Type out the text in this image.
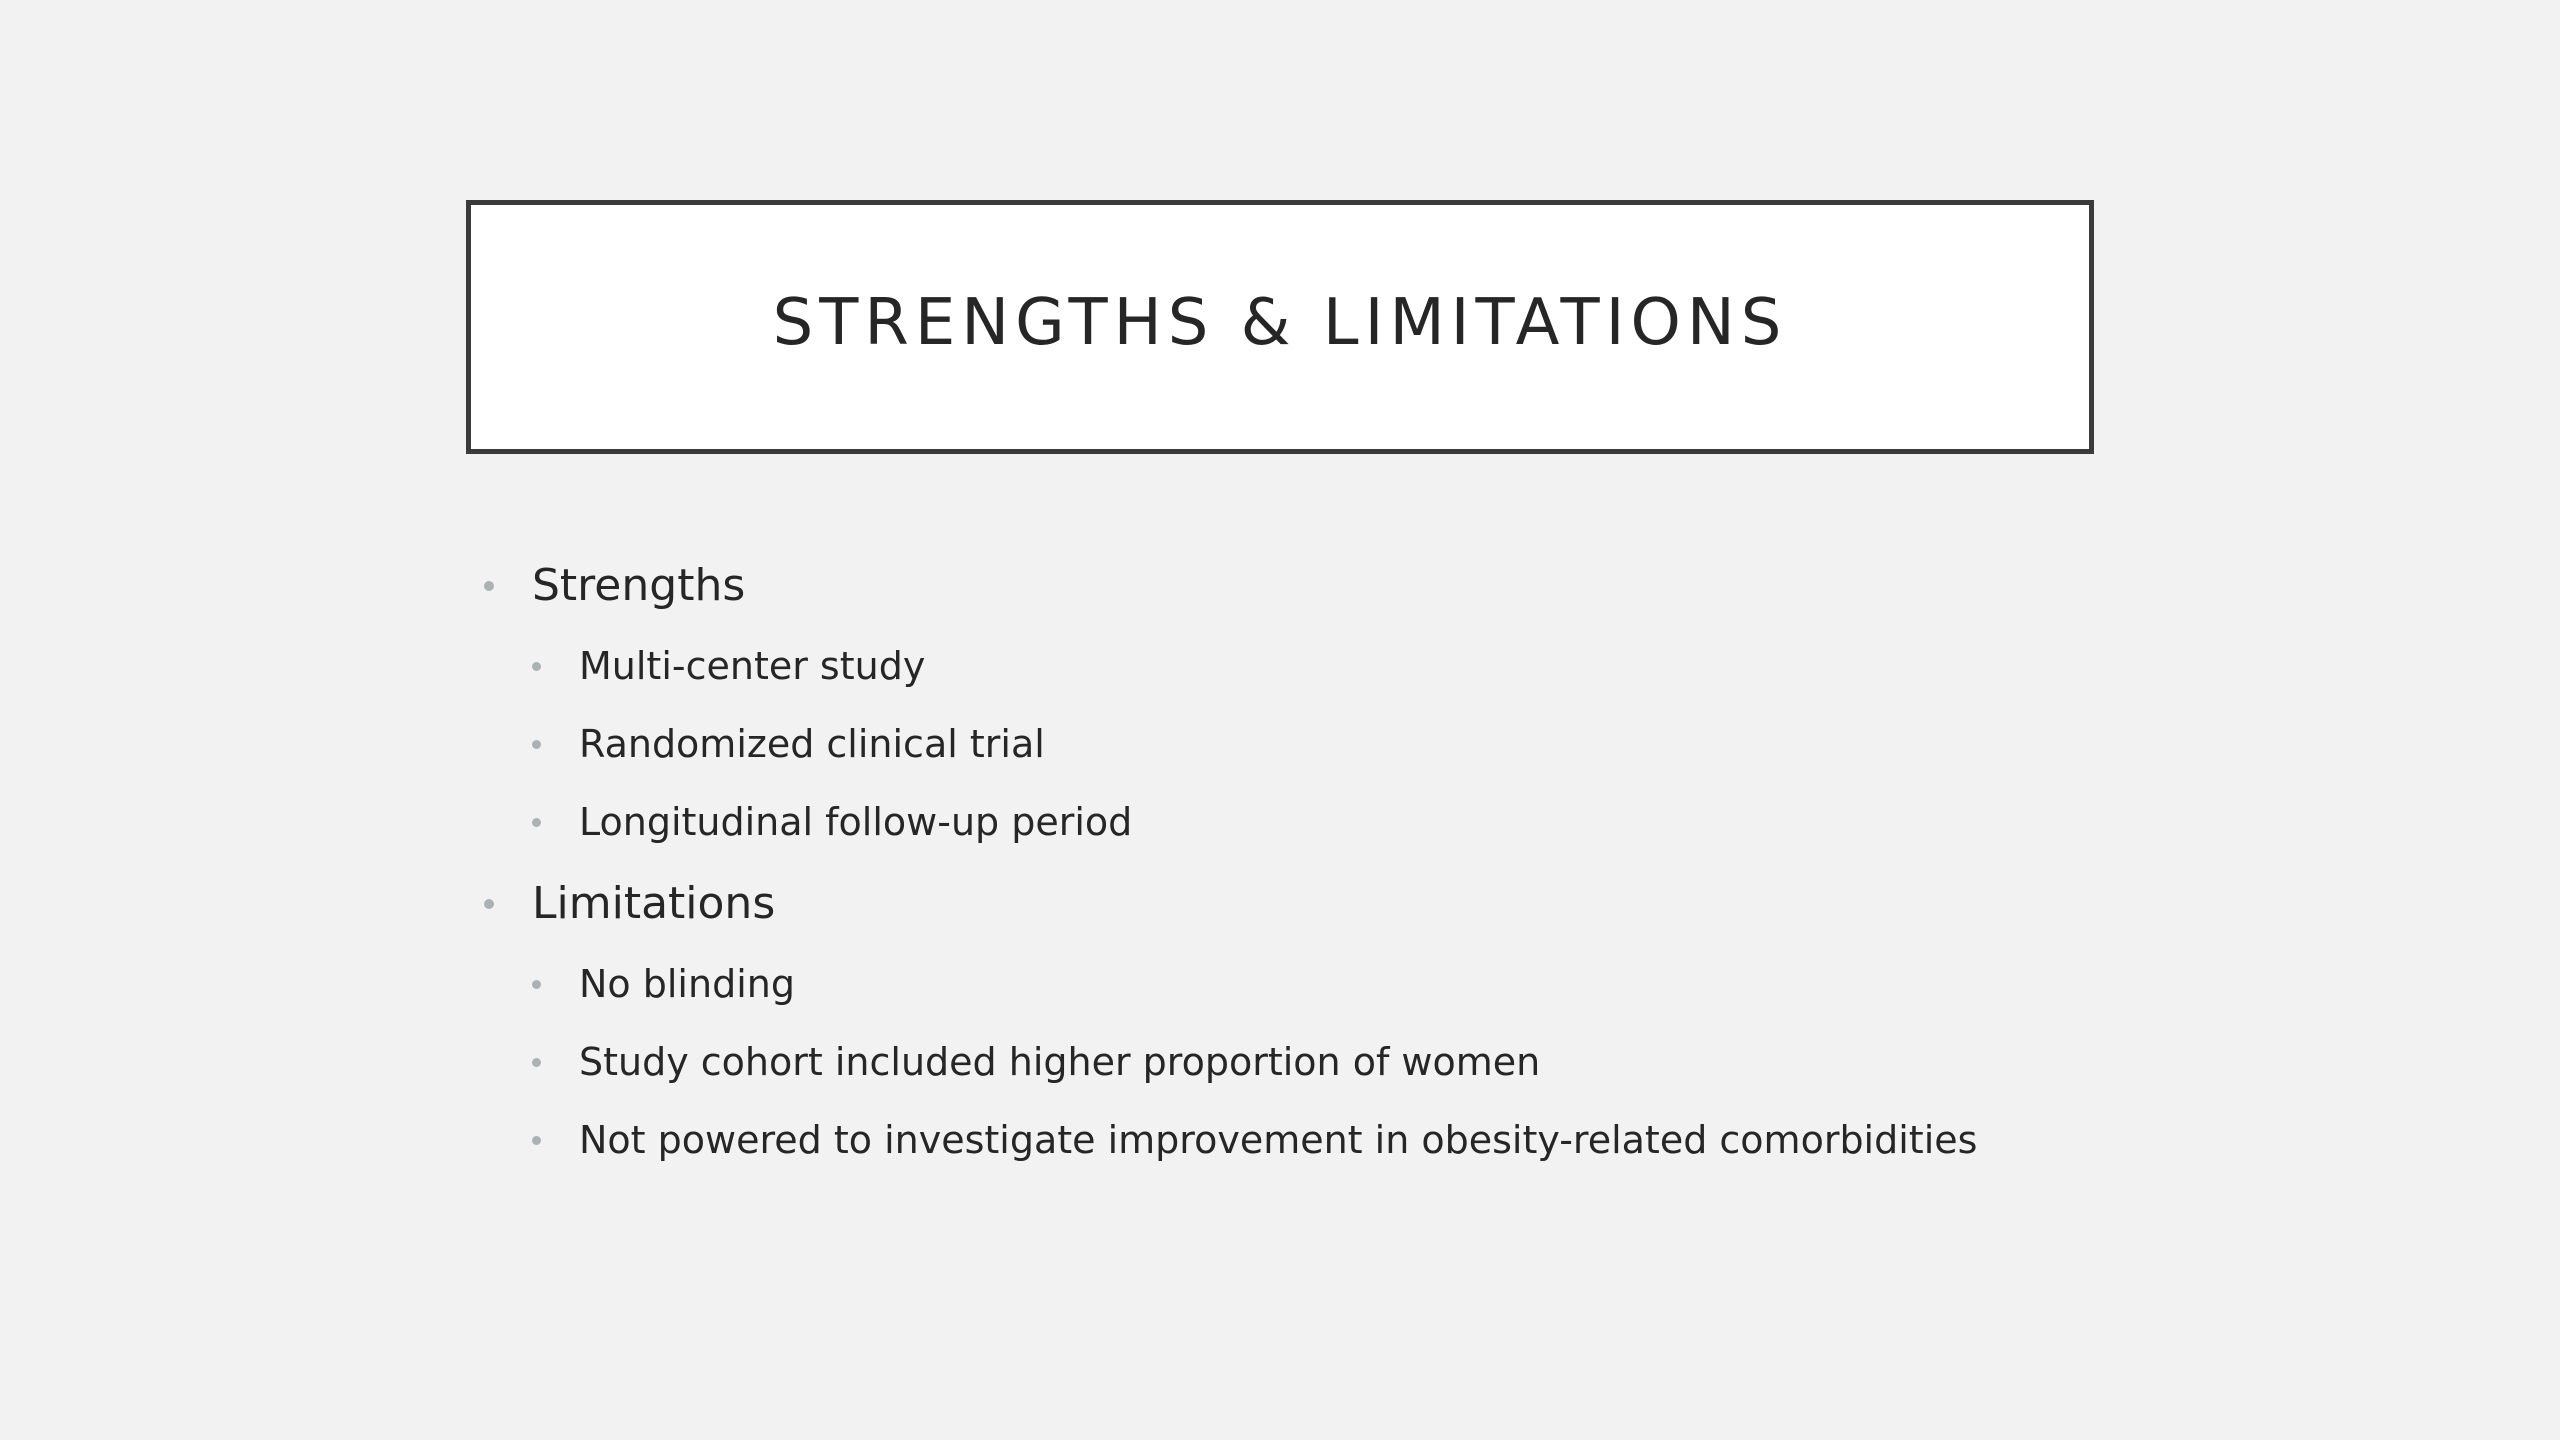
STRENGTHS & LIMITATIONS
Strengths
Multi-center study
Randomized clinical trial
Longitudinal follow-up period
Limitations
No blinding
Study cohort included higher proportion of women
Not powered to investigate improvement in obesity-related comorbidities
